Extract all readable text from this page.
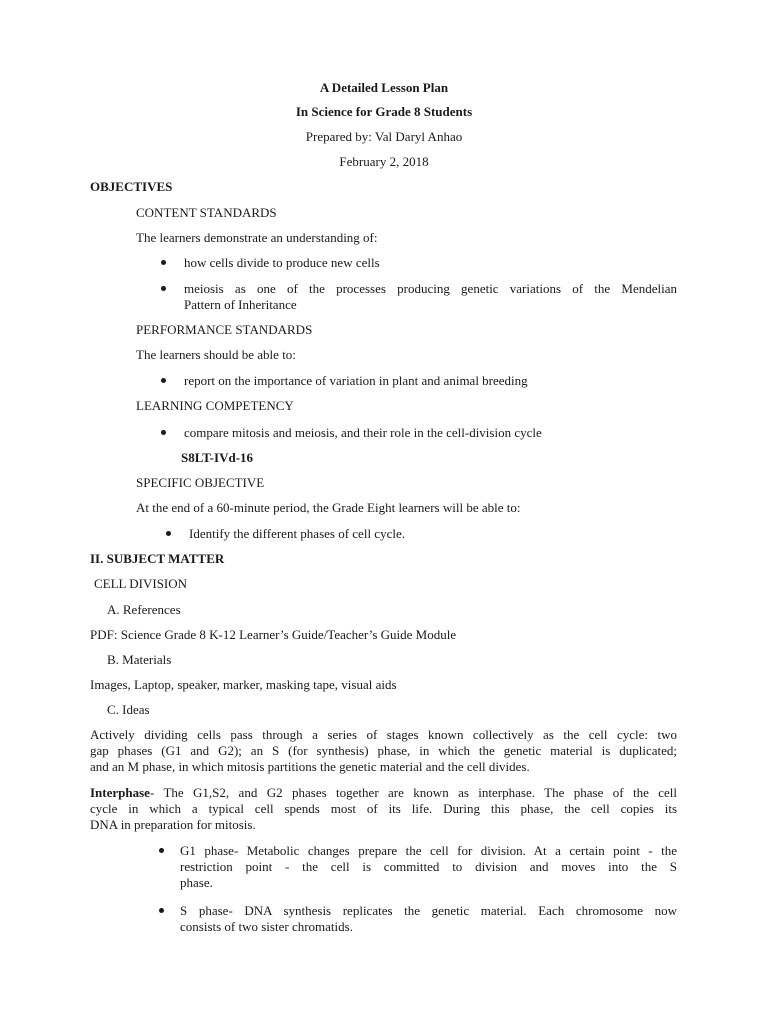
A Detailed Lesson Plan
In Science for Grade 8 Students
Prepared by: Val Daryl Anhao
February 2, 2018
OBJECTIVES
CONTENT STANDARDS
The learners demonstrate an understanding of:
how cells divide to produce new cells
meiosis as one of the processes producing genetic variations of the Mendelian
Pattern of Inheritance
PERFORMANCE STANDARDS
The learners should be able to:
report on the importance of variation in plant and animal breeding
LEARNING COMPETENCY
compare mitosis and meiosis, and their role in the cell-division cycle
S8LT-IVd-16
SPECIFIC OBJECTIVE
At the end of a 60-minute period, the Grade Eight learners will be able to:
Identify the different phases of cell cycle.
II. SUBJECT MATTER
CELL DIVISION
A. References
PDF: Science Grade 8 K-12 Learner’s Guide/Teacher’s Guide Module
B. Materials
Images, Laptop, speaker, marker, masking tape, visual aids
C. Ideas
Actively dividing cells pass through a series of stages known collectively as the cell cycle: two
gap phases (G1 and G2); an S (for synthesis) phase, in which the genetic material is duplicated;
and an M phase, in which mitosis partitions the genetic material and the cell divides.
Interphase- The G1,S2, and G2 phases together are known as interphase. The phase of the cell
cycle in which a typical cell spends most of its life. During this phase, the cell copies its
DNA in preparation for mitosis.
G1 phase- Metabolic changes prepare the cell for division. At a certain point - the
restriction point - the cell is committed to division and moves into the S
phase.
S phase- DNA synthesis replicates the genetic material. Each chromosome now
consists of two sister chromatids.
